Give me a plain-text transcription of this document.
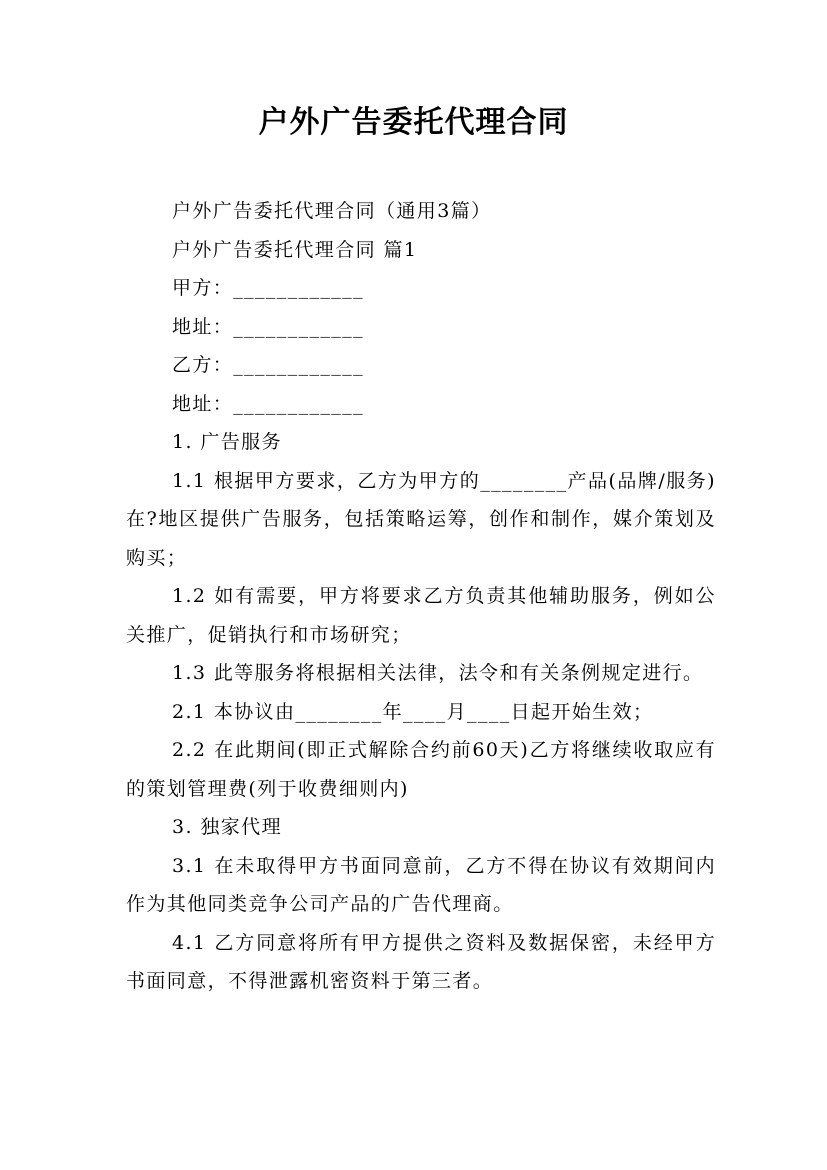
户外广告委托代理合同

户外广告委托代理合同（通用3篇）

户外广告委托代理合同 篇1

甲方：____________

地址：____________

乙方：____________

地址：____________

1. 广告服务

1.1 根据甲方要求，乙方为甲方的________产品(品牌/服务)在?地区提供广告服务，包括策略运筹，创作和制作，媒介策划及购买；

1.2 如有需要，甲方将要求乙方负责其他辅助服务，例如公关推广，促销执行和市场研究；

1.3 此等服务将根据相关法律，法令和有关条例规定进行。

2.1 本协议由________年____月____日起开始生效；

2.2 在此期间(即正式解除合约前60天)乙方将继续收取应有的策划管理费(列于收费细则内)

3. 独家代理

3.1 在未取得甲方书面同意前，乙方不得在协议有效期间内作为其他同类竞争公司产品的广告代理商。

4.1 乙方同意将所有甲方提供之资料及数据保密，未经甲方书面同意，不得泄露机密资料于第三者。
